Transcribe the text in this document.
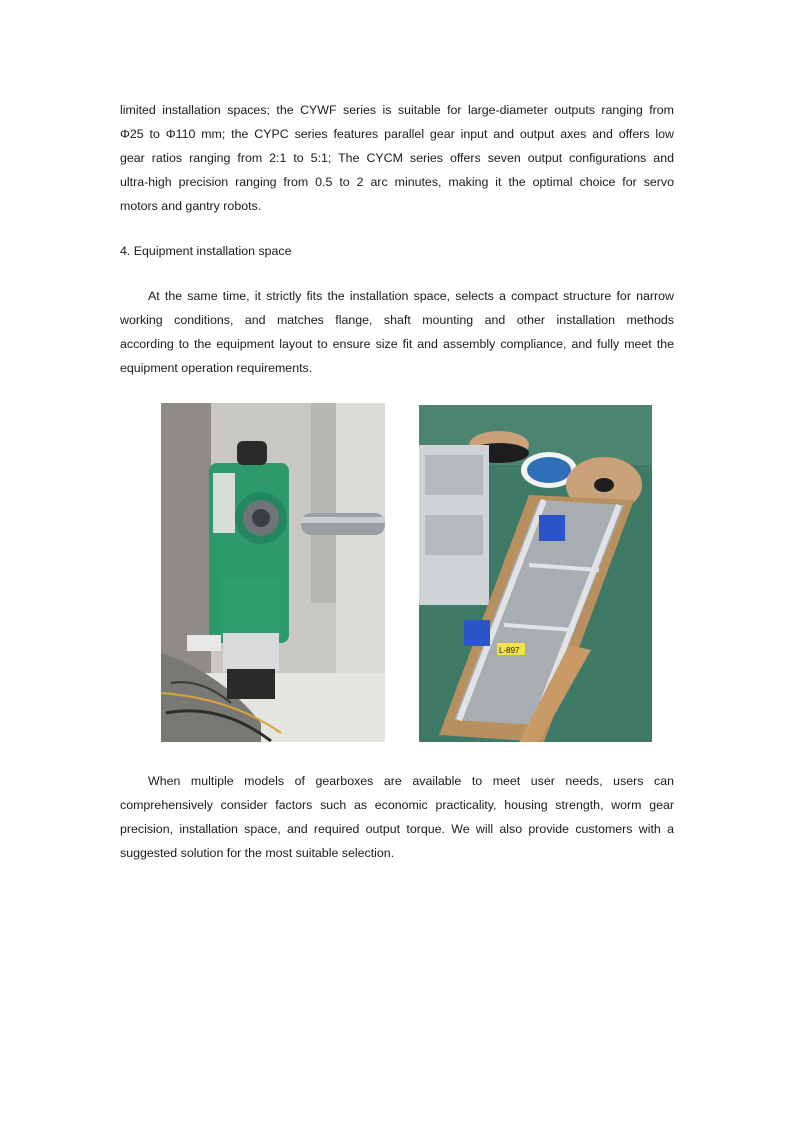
limited installation spaces; the CYWF series is suitable for large-diameter outputs ranging from
Φ25 to Φ110 mm; the CYPC series features parallel gear input and output axes and offers low
gear ratios ranging from 2:1 to 5:1; The CYCM series offers seven output configurations and
ultra-high precision ranging from 0.5 to 2 arc minutes, making it the optimal choice for servo
motors and gantry robots.

4. Equipment installation space

At the same time, it strictly fits the installation space, selects a compact structure for narrow
working conditions, and matches flange, shaft mounting and other installation methods
according to the equipment layout to ensure size fit and assembly compliance, and fully meet the
equipment operation requirements.

L-897

When multiple models of gearboxes are available to meet user needs, users can
comprehensively consider factors such as economic practicality, housing strength, worm gear
precision, installation space, and required output torque. We will also provide customers with a
suggested solution for the most suitable selection.
